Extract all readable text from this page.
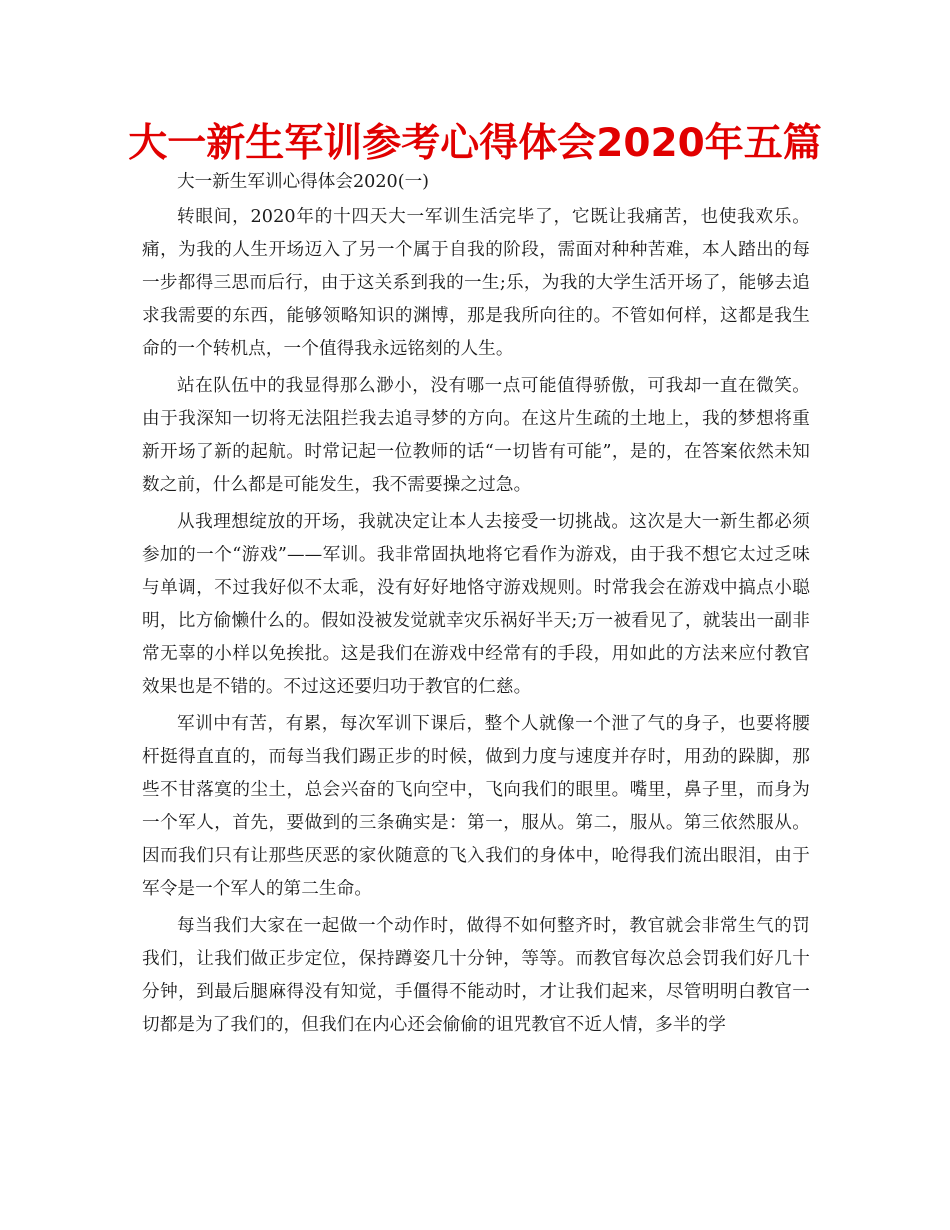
大一新生军训参考心得体会2020年五篇

大一新生军训心得体会2020(一)

转眼间，2020年的十四天大一军训生活完毕了，它既让我痛苦，也使我欢乐。痛，为我的人生开场迈入了另一个属于自我的阶段，需面对种种苦难，本人踏出的每一步都得三思而后行，由于这关系到我的一生;乐，为我的大学生活开场了，能够去追求我需要的东西，能够领略知识的渊博，那是我所向往的。不管如何样，这都是我生命的一个转机点，一个值得我永远铭刻的人生。

站在队伍中的我显得那么渺小，没有哪一点可能值得骄傲，可我却一直在微笑。由于我深知一切将无法阻拦我去追寻梦的方向。在这片生疏的土地上，我的梦想将重新开场了新的起航。时常记起一位教师的话“一切皆有可能”，是的，在答案依然未知数之前，什么都是可能发生，我不需要操之过急。

从我理想绽放的开场，我就决定让本人去接受一切挑战。这次是大一新生都必须参加的一个“游戏”——军训。我非常固执地将它看作为游戏，由于我不想它太过乏味与单调，不过我好似不太乖，没有好好地恪守游戏规则。时常我会在游戏中搞点小聪明，比方偷懒什么的。假如没被发觉就幸灾乐祸好半天;万一被看见了，就装出一副非常无辜的小样以免挨批。这是我们在游戏中经常有的手段，用如此的方法来应付教官效果也是不错的。不过这还要归功于教官的仁慈。

军训中有苦，有累，每次军训下课后，整个人就像一个泄了气的身子，也要将腰杆挺得直直的，而每当我们踢正步的时候，做到力度与速度并存时，用劲的跺脚，那些不甘落寞的尘土，总会兴奋的飞向空中，飞向我们的眼里。嘴里，鼻子里，而身为一个军人，首先，要做到的三条确实是：第一，服从。第二，服从。第三依然服从。因而我们只有让那些厌恶的家伙随意的飞入我们的身体中，呛得我们流出眼泪，由于军令是一个军人的第二生命。

每当我们大家在一起做一个动作时，做得不如何整齐时，教官就会非常生气的罚我们，让我们做正步定位，保持蹲姿几十分钟，等等。而教官每次总会罚我们好几十分钟，到最后腿麻得没有知觉，手僵得不能动时，才让我们起来，尽管明明白教官一切都是为了我们的，但我们在内心还会偷偷的诅咒教官不近人情，多半的学
